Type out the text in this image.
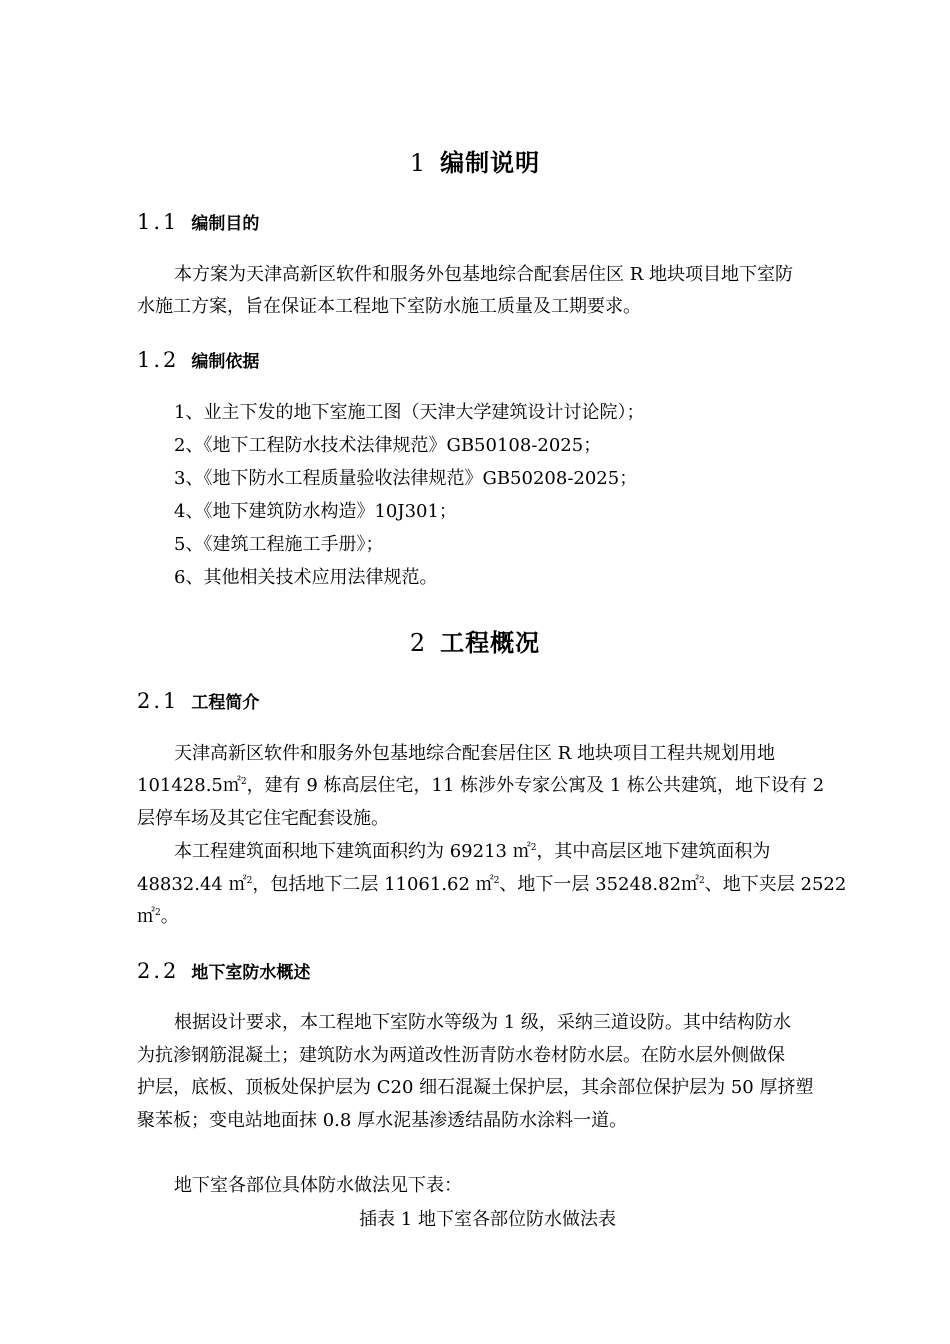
1 编制说明
1.1 编制目的
本方案为天津高新区软件和服务外包基地综合配套居住区 R 地块项目地下室防
水施工方案，旨在保证本工程地下室防水施工质量及工期要求。
1.2 编制依据
1、业主下发的地下室施工图（天津大学建筑设计讨论院）；
2、《地下工程防水技术法律规范》GB50108-2025；
3、《地下防水工程质量验收法律规范》GB50208-2025；
4、《地下建筑防水构造》10J301；
5、《建筑工程施工手册》；
6、其他相关技术应用法律规范。
2 工程概况
2.1 工程简介
天津高新区软件和服务外包基地综合配套居住区 R 地块项目工程共规划用地
101428.5㎡$^2$，建有 9 栋高层住宅，11 栋涉外专家公寓及 1 栋公共建筑，地下设有 2
层停车场及其它住宅配套设施。
本工程建筑面积地下建筑面积约为 69213 ㎡$^2$，其中高层区地下建筑面积为
48832.44 ㎡$^2$，包括地下二层 11061.62 ㎡$^2$、地下一层 35248.82㎡$^2$、地下夹层 2522
㎡$^2$。
2.2 地下室防水概述
根据设计要求，本工程地下室防水等级为 1 级，采纳三道设防。其中结构防水
为抗渗钢筋混凝土；建筑防水为两道改性沥青防水卷材防水层。在防水层外侧做保
护层，底板、顶板处保护层为 C20 细石混凝土保护层，其余部位保护层为 50 厚挤塑
聚苯板；变电站地面抹 0.8 厚水泥基渗透结晶防水涂料一道。
地下室各部位具体防水做法见下表：
插表 1 地下室各部位防水做法表
